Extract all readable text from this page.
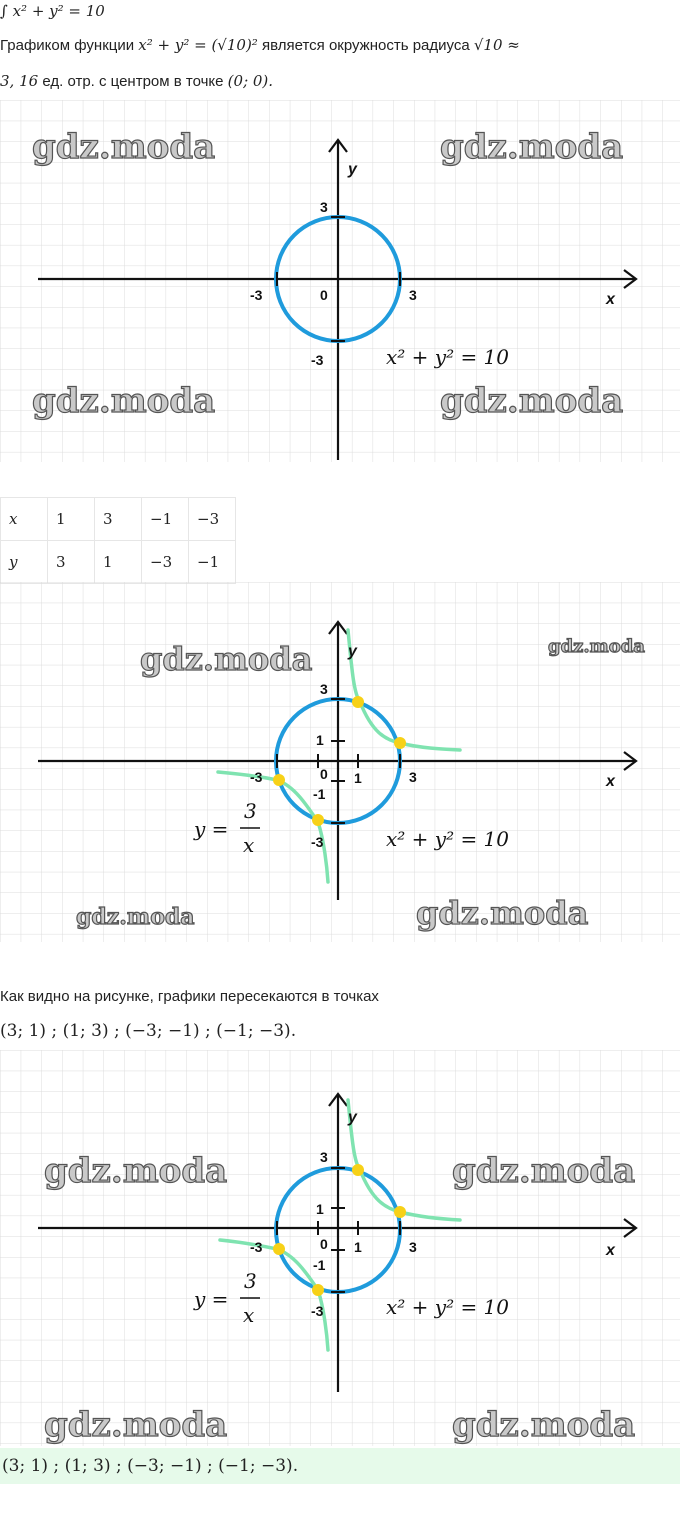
∫ x² + y² = 10
Графиком функции x² + y² = (√10)² является окружность радиуса √10 ≈
3, 16 ед. отр. с центром в точке (0; 0).
y
x
3
-3
-3	3
0
x² + y² = 10
gdz.moda	gdz.moda
gdz.moda	gdz.moda
x	1	3	−1	−3
y	3	1	−3	−1
y
x
3
1
-1
-3
-3	1	3
0
x² + y² = 10
y =
3
x
gdz.moda	gdz.moda
gdz.moda	gdz.moda
Как видно на рисунке, графики пересекаются в точках
(3; 1) ; (1; 3) ; (−3; −1) ; (−1; −3).
y
x
3
1
-1
-3
-3	1	3
0
x² + y² = 10
y =
3
x
gdz.moda	gdz.moda
gdz.moda	gdz.moda
(3; 1) ; (1; 3) ; (−3; −1) ; (−1; −3).
